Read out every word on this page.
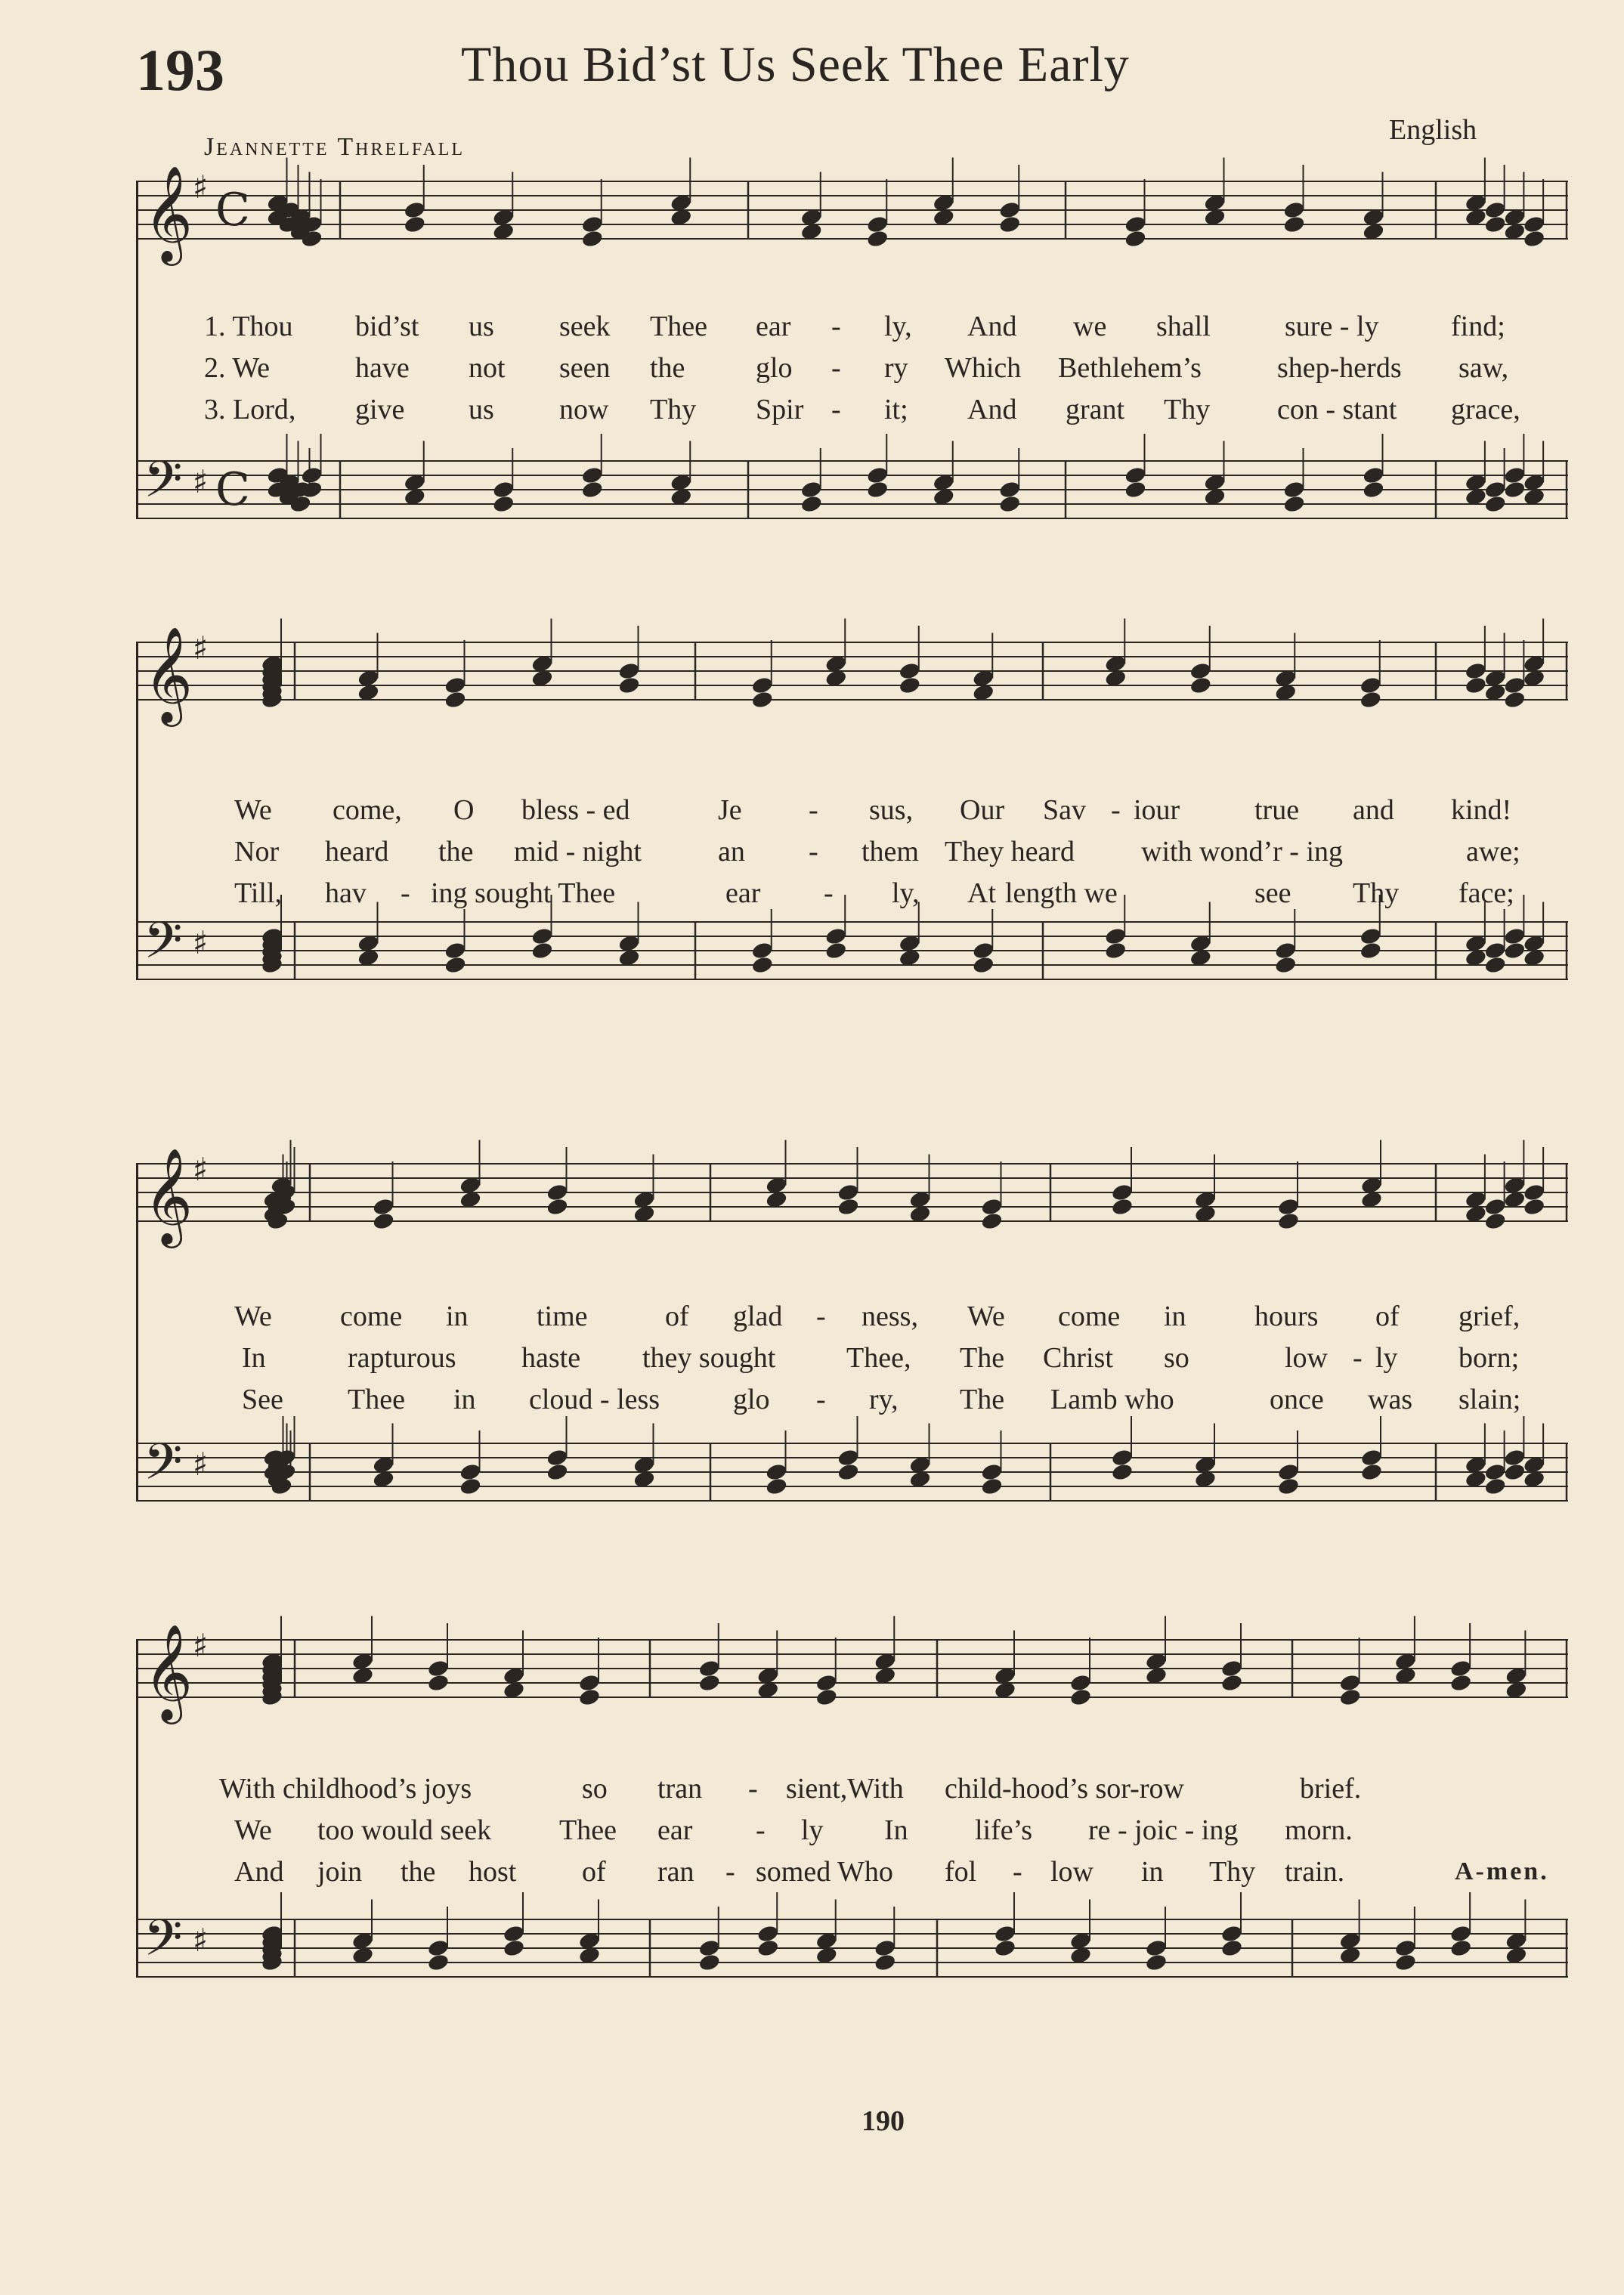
193	Thou Bid’st Us Seek Thee Early
Jeannette Threlfall
English
𝄞
𝄢
♯
♯
C
C
1. Thou bid’st us seek Thee ear - ly, And we shall	sure - ly	find;
2. We	have not seen the glo - ry Which Bethlehem’s	shep-herds saw,
3. Lord, give us now Thy Spir - it; And grant Thy con - stant grace,
𝄞
𝄢
♯
♯
We come, O bless - ed	Je - sus, Our Sav - iour	true and kind!
Nor heard the mid - night	an - them They heard with wond’r - ing	awe;
Till, hav - ing sought Thee	ear - ly, At length we	see Thy face;
𝄞
𝄢
♯
♯
We come in time	of glad - ness, We come in hours of grief,
In	rapturous haste they sought Thee, The Christ so	low - ly born;
See Thee in cloud - less	glo - ry, The Lamb who	once was slain;
𝄞
𝄢
♯
♯
With childhood’s joys	so tran - sient,With child-hood’s sor-row	brief.
We too would seek Thee ear - ly In life’s re - joic - ing morn.
And join the host of ran - somed Who fol - low in Thy train.	A-men.
190
